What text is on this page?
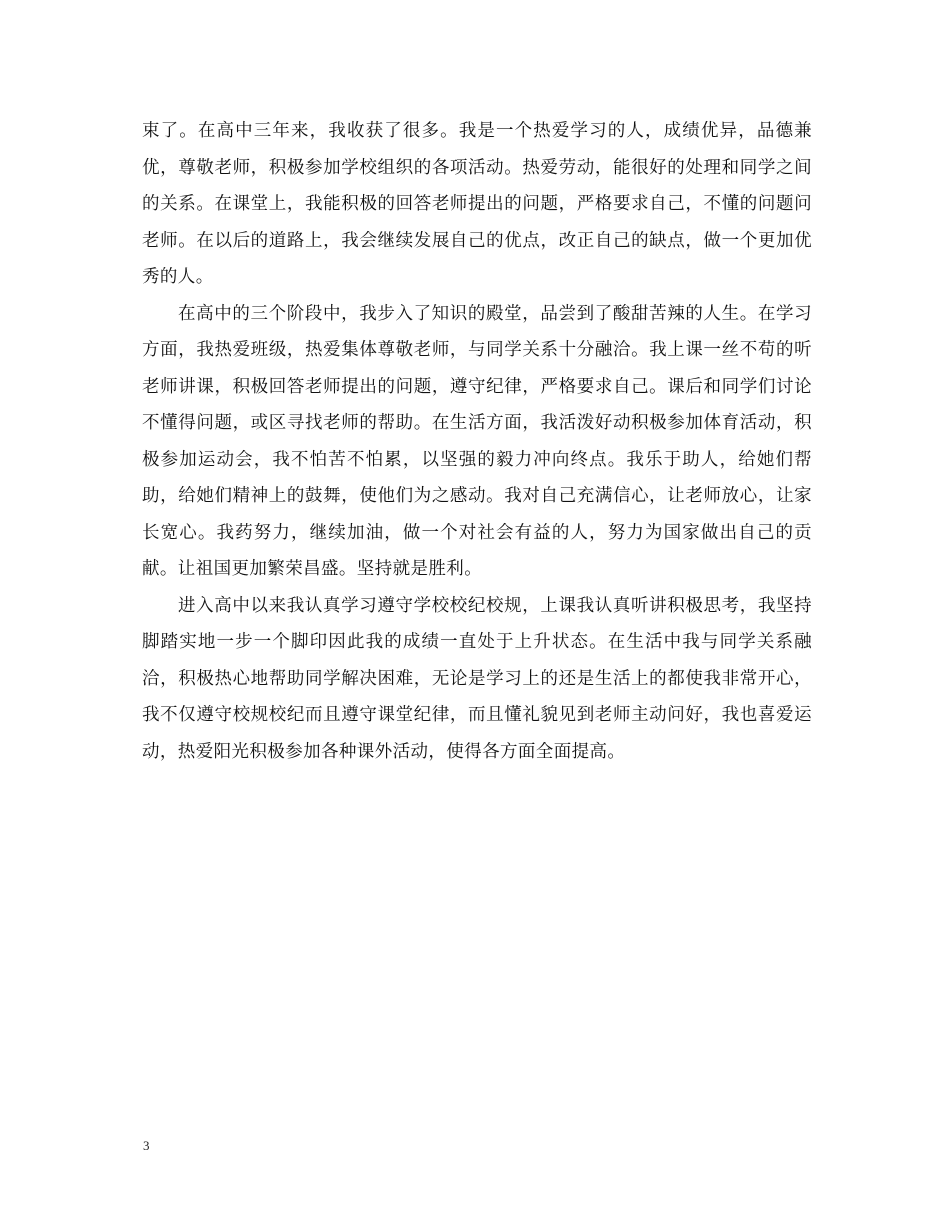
束了。在高中三年来，我收获了很多。我是一个热爱学习的人，成绩优异，品德兼优，尊敬老师，积极参加学校组织的各项活动。热爱劳动，能很好的处理和同学之间的关系。在课堂上，我能积极的回答老师提出的问题，严格要求自己，不懂的问题问老师。在以后的道路上，我会继续发展自己的优点，改正自己的缺点，做一个更加优秀的人。

在高中的三个阶段中，我步入了知识的殿堂，品尝到了酸甜苦辣的人生。在学习方面，我热爱班级，热爱集体尊敬老师，与同学关系十分融洽。我上课一丝不苟的听老师讲课，积极回答老师提出的问题，遵守纪律，严格要求自己。课后和同学们讨论不懂得问题，或区寻找老师的帮助。在生活方面，我活泼好动积极参加体育活动，积极参加运动会，我不怕苦不怕累，以坚强的毅力冲向终点。我乐于助人，给她们帮助，给她们精神上的鼓舞，使他们为之感动。我对自己充满信心，让老师放心，让家长宽心。我药努力，继续加油，做一个对社会有益的人，努力为国家做出自己的贡献。让祖国更加繁荣昌盛。坚持就是胜利。

进入高中以来我认真学习遵守学校校纪校规，上课我认真听讲积极思考，我坚持脚踏实地一步一个脚印因此我的成绩一直处于上升状态。在生活中我与同学关系融洽，积极热心地帮助同学解决困难，无论是学习上的还是生活上的都使我非常开心，我不仅遵守校规校纪而且遵守课堂纪律，而且懂礼貌见到老师主动问好，我也喜爱运动，热爱阳光积极参加各种课外活动，使得各方面全面提高。

3
